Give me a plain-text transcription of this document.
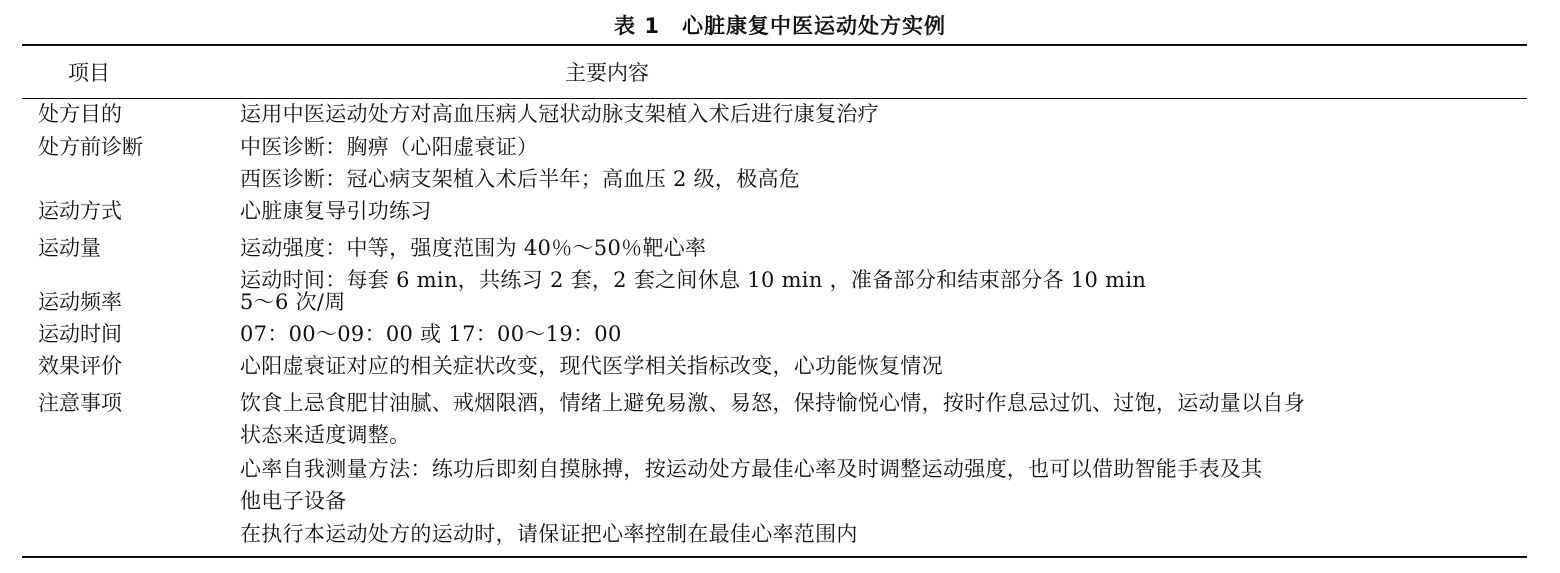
表 1　心脏康复中医运动处方实例
项目	主要内容
处方目的	运用中医运动处方对高血压病人冠状动脉支架植入术后进行康复治疗
处方前诊断	中医诊断：胸痹（心阳虚衰证）
西医诊断：冠心病支架植入术后半年；高血压 2 级，极高危
运动方式	心脏康复导引功练习
运动量	运动强度：中等，强度范围为 40％～50％靶心率
运动时间：每套 6 min，共练习 2 套，2 套之间休息 10 min ，准备部分和结束部分各 10 min
运动频率	5～6 次/周
运动时间	07：00～09：00 或 17：00～19：00
效果评价	心阳虚衰证对应的相关症状改变，现代医学相关指标改变，心功能恢复情况
注意事项	饮食上忌食肥甘油腻、戒烟限酒，情绪上避免易激、易怒，保持愉悦心情，按时作息忌过饥、过饱，运动量以自身
状态来适度调整。
心率自我测量方法：练功后即刻自摸脉搏，按运动处方最佳心率及时调整运动强度，也可以借助智能手表及其
他电子设备
在执行本运动处方的运动时，请保证把心率控制在最佳心率范围内
